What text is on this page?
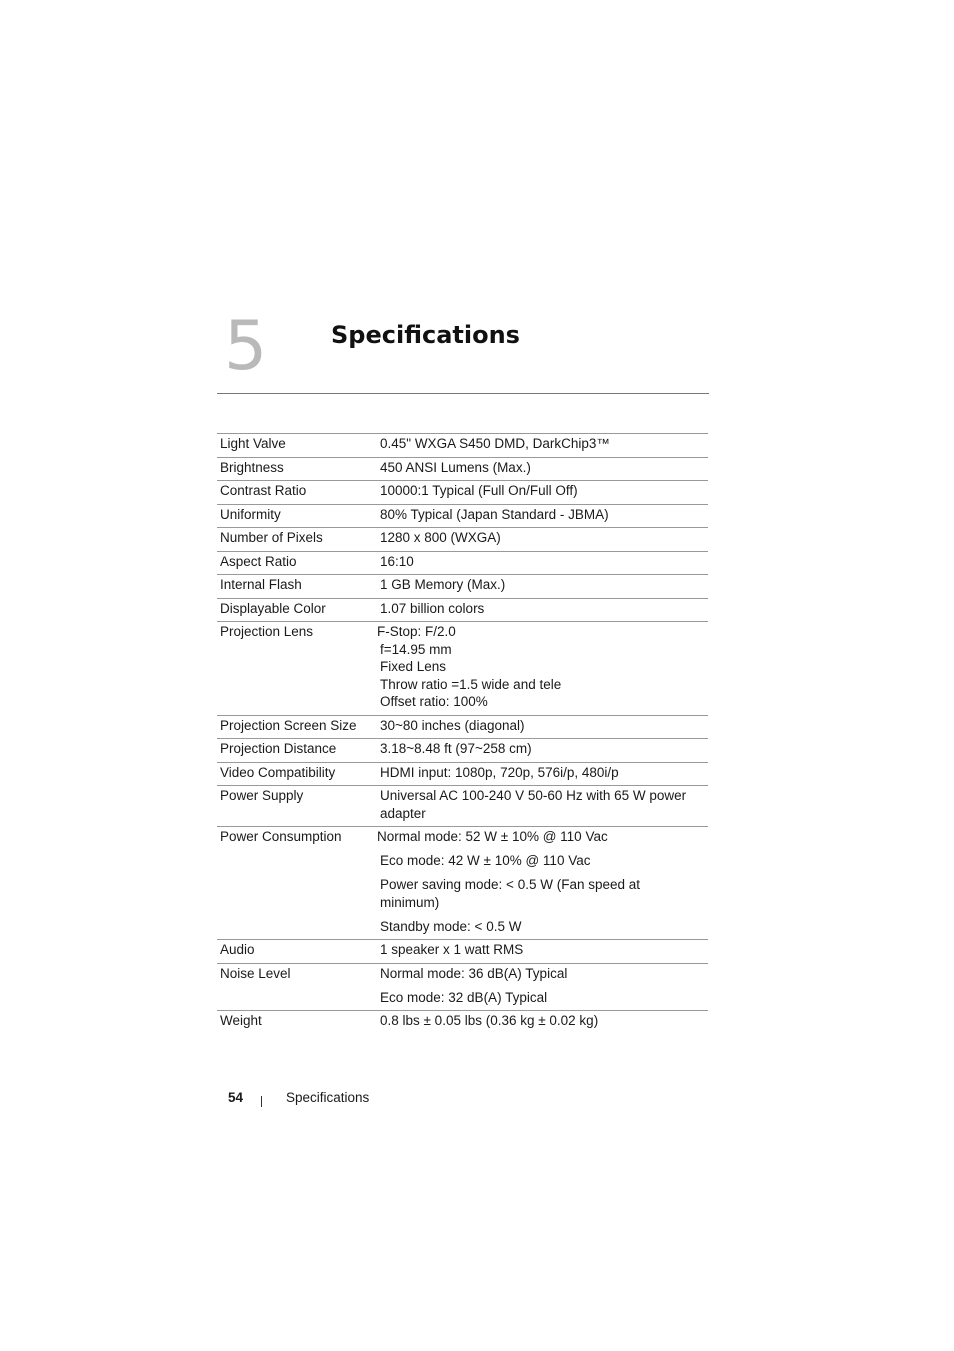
5	Specifications
Light Valve	0.45" WXGA S450 DMD, DarkChip3™
Brightness	450 ANSI Lumens (Max.)
Contrast Ratio	10000:1 Typical (Full On/Full Off)
Uniformity	80% Typical (Japan Standard - JBMA)
Number of Pixels	1280 x 800 (WXGA)
Aspect Ratio	16:10
Internal Flash	1 GB Memory (Max.)
Displayable Color	1.07 billion colors
Projection Lens	F-Stop: F/2.0
f=14.95 mm
Fixed Lens
Throw ratio =1.5 wide and tele
Offset ratio: 100%
Projection Screen Size	30~80 inches (diagonal)
Projection Distance	3.18~8.48 ft (97~258 cm)
Video Compatibility	HDMI input: 1080p, 720p, 576i/p, 480i/p
Power Supply	Universal AC 100-240 V 50-60 Hz with 65 W power adapter
Power Consumption	Normal mode: 52 W ± 10% @ 110 Vac
Eco mode: 42 W ± 10% @ 110 Vac
Power saving mode: < 0.5 W (Fan speed at minimum)
Standby mode: < 0.5 W
Audio	1 speaker x 1 watt RMS
Noise Level	Normal mode: 36 dB(A) Typical
Eco mode: 32 dB(A) Typical
Weight	0.8 lbs ± 0.05 lbs (0.36 kg ± 0.02 kg)
54	Specifications
